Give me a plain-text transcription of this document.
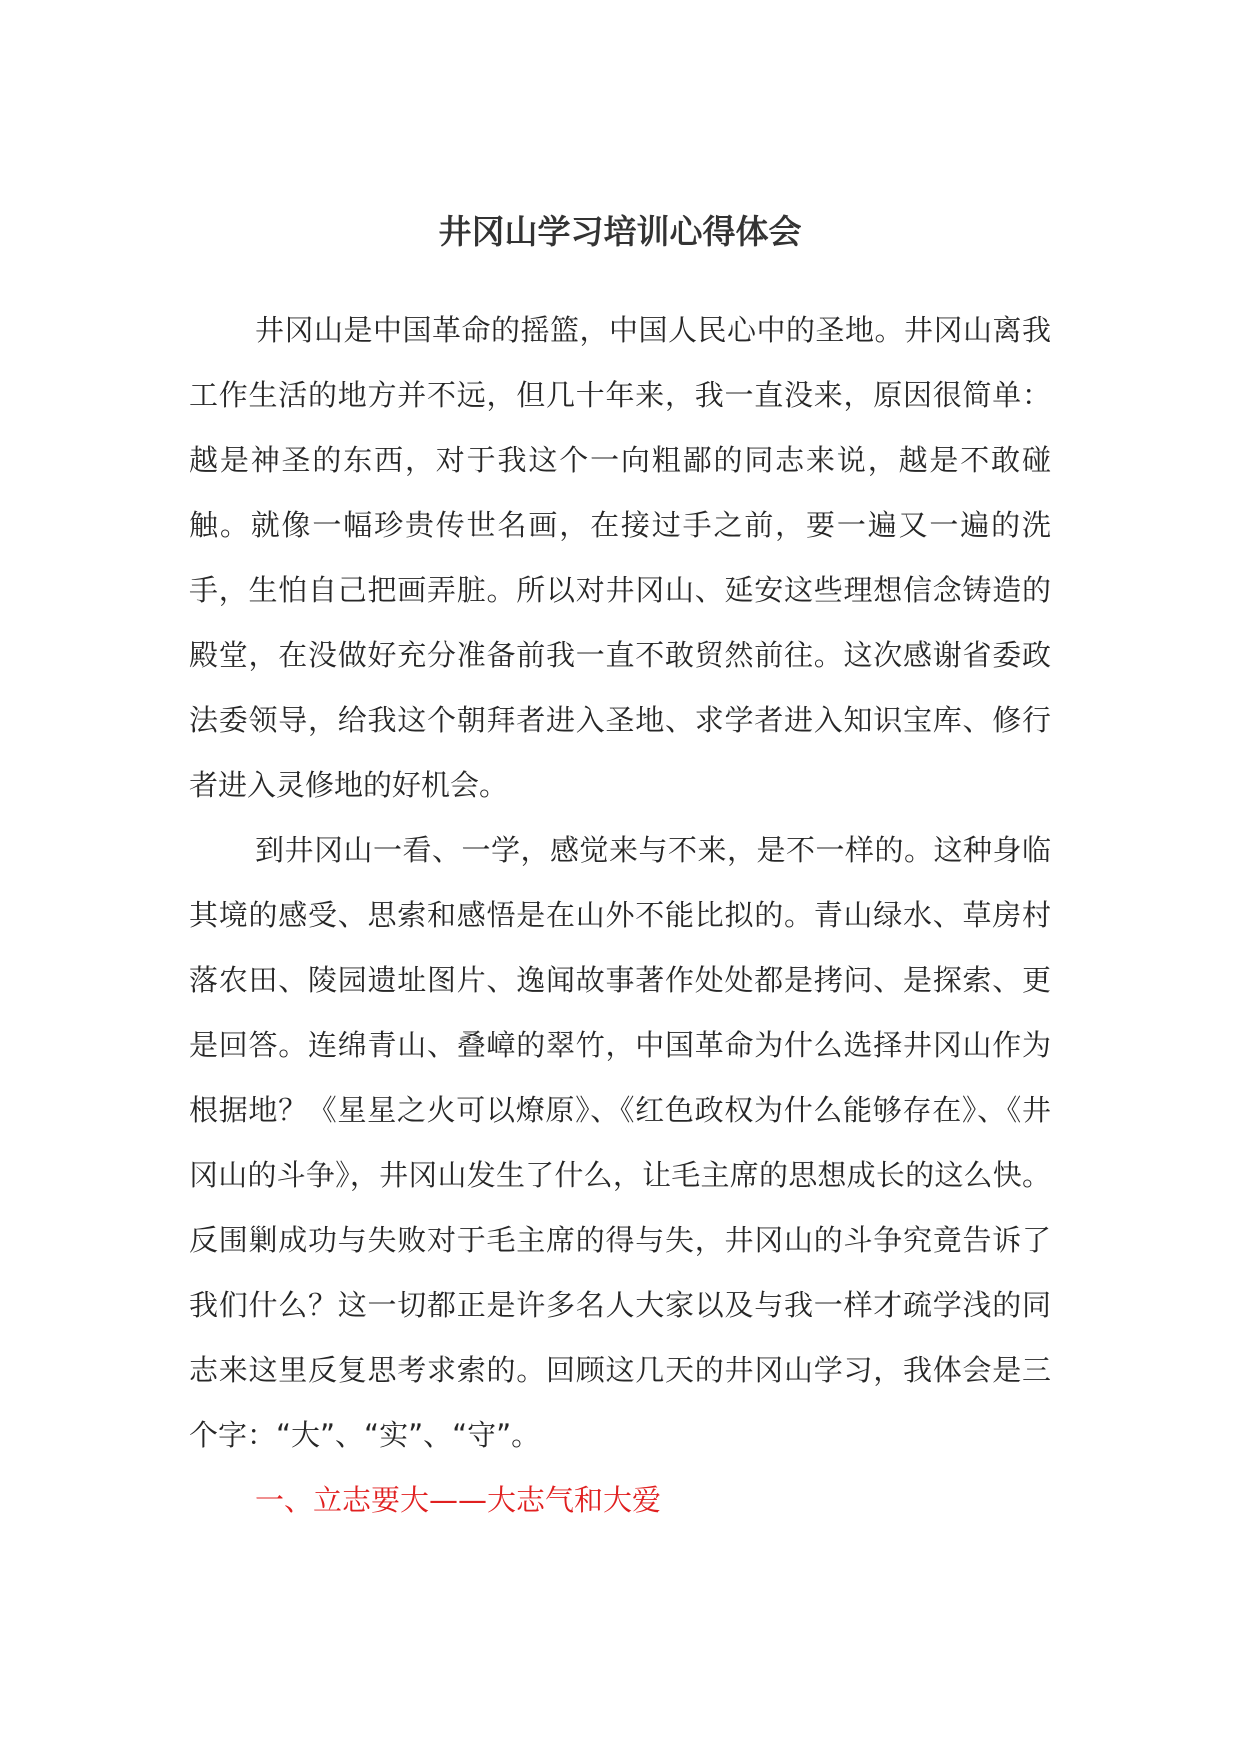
井冈山学习培训心得体会

井冈山是中国革命的摇篮，中国人民心中的圣地。井冈山离我工作生活的地方并不远，但几十年来，我一直没来，原因很简单：越是神圣的东西，对于我这个一向粗鄙的同志来说，越是不敢碰触。就像一幅珍贵传世名画，在接过手之前，要一遍又一遍的洗手，生怕自己把画弄脏。所以对井冈山、延安这些理想信念铸造的殿堂，在没做好充分准备前我一直不敢贸然前往。这次感谢省委政法委领导，给我这个朝拜者进入圣地、求学者进入知识宝库、修行者进入灵修地的好机会。

到井冈山一看、一学，感觉来与不来，是不一样的。这种身临其境的感受、思索和感悟是在山外不能比拟的。青山绿水、草房村落农田、陵园遗址图片、逸闻故事著作处处都是拷问、是探索、更是回答。连绵青山、叠嶂的翠竹，中国革命为什么选择井冈山作为根据地？《星星之火可以燎原》、《红色政权为什么能够存在》、《井冈山的斗争》，井冈山发生了什么，让毛主席的思想成长的这么快。反围剿成功与失败对于毛主席的得与失，井冈山的斗争究竟告诉了我们什么？这一切都正是许多名人大家以及与我一样才疏学浅的同志来这里反复思考求索的。回顾这几天的井冈山学习，我体会是三个字：“大”、“实”、“守”。

一、立志要大——大志气和大爱
